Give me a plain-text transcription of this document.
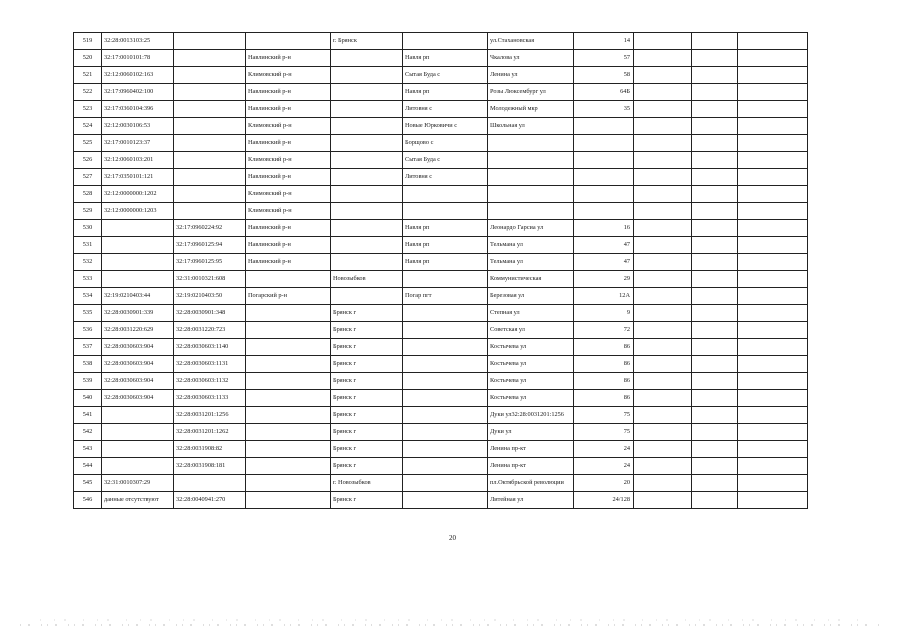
519	32:28:0013103:25			г. Брянск		ул.Стахановская	14			
520	32:17:0010101:78		Навлинский р-н		Навля рп	Чкалова ул	57			
521	32:12:0060102:163		Климовский р-н		Сытая Буда с	Ленина ул	58			
522	32:17:0960402:100		Навлинский р-н		Навля рп	Розы Люксембург ул	64Б			
523	32:17:0360104:396		Навлинский р-н		Литовня с	Молодежный мкр	35			
524	32:12:0030106:53		Климовский р-н		Новые Юрковичи с	Школьная ул				
525	32:17:0010123:37		Навлинский р-н		Борщово с					
526	32:12:0060103:201		Климовский р-н		Сытая Буда с					
527	32:17:0350101:121		Навлинский р-н		Литовня с					
528	32:12:0000000:1202		Климовский р-н							
529	32:12:0000000:1203		Климовский р-н							
530		32:17:0960224:92	Навлинский р-н		Навля рп	Леонардо Гарсиа ул	16			
531		32:17:0960125:94	Навлинский р-н		Навля рп	Тельмана ул	47			
532		32:17:0960125:95	Навлинский р-н		Навля рп	Тельмана ул	47			
533		32:31:0010321:608		Новозыбков		Коммунистическая	29			
534	32:19:0210403:44	32:19:0210403:50	Погарский р-н		Погар пгт	Березовая ул	12А			
535	32:28:0030901:339	32:28:0030901:348		Брянск г		Степная ул	9			
536	32:28:0031220:629	32:28:0031220:723		Брянск г		Советская ул	72			
537	32:28:0030603:904	32:28:0030603:1140		Брянск г		Костычева ул	86			
538	32:28:0030603:904	32:28:0030603:1131		Брянск г		Костычева ул	86			
539	32:28:0030603:904	32:28:0030603:1132		Брянск г		Костычева ул	86			
540	32:28:0030603:904	32:28:0030603:1133		Брянск г		Костычева ул	86			
541		32:28:0031201:1256		Брянск г		Дуки ул32:28:0031201:1256	75			
542		32:28:0031201:1262		Брянск г		Дуки ул	75			
543		32:28:0031908:82		Брянск г		Ленина пр-кт	24			
544		32:28:0031908:181		Брянск г		Ленина пр-кт	24			
545	32:31:0010307:29			г. Новозыбков		пл.Октябрьской революции	20			
546	данные отсутствуют	32:28:0040941:270		Брянск г		Литейная ул	24/128			
20
